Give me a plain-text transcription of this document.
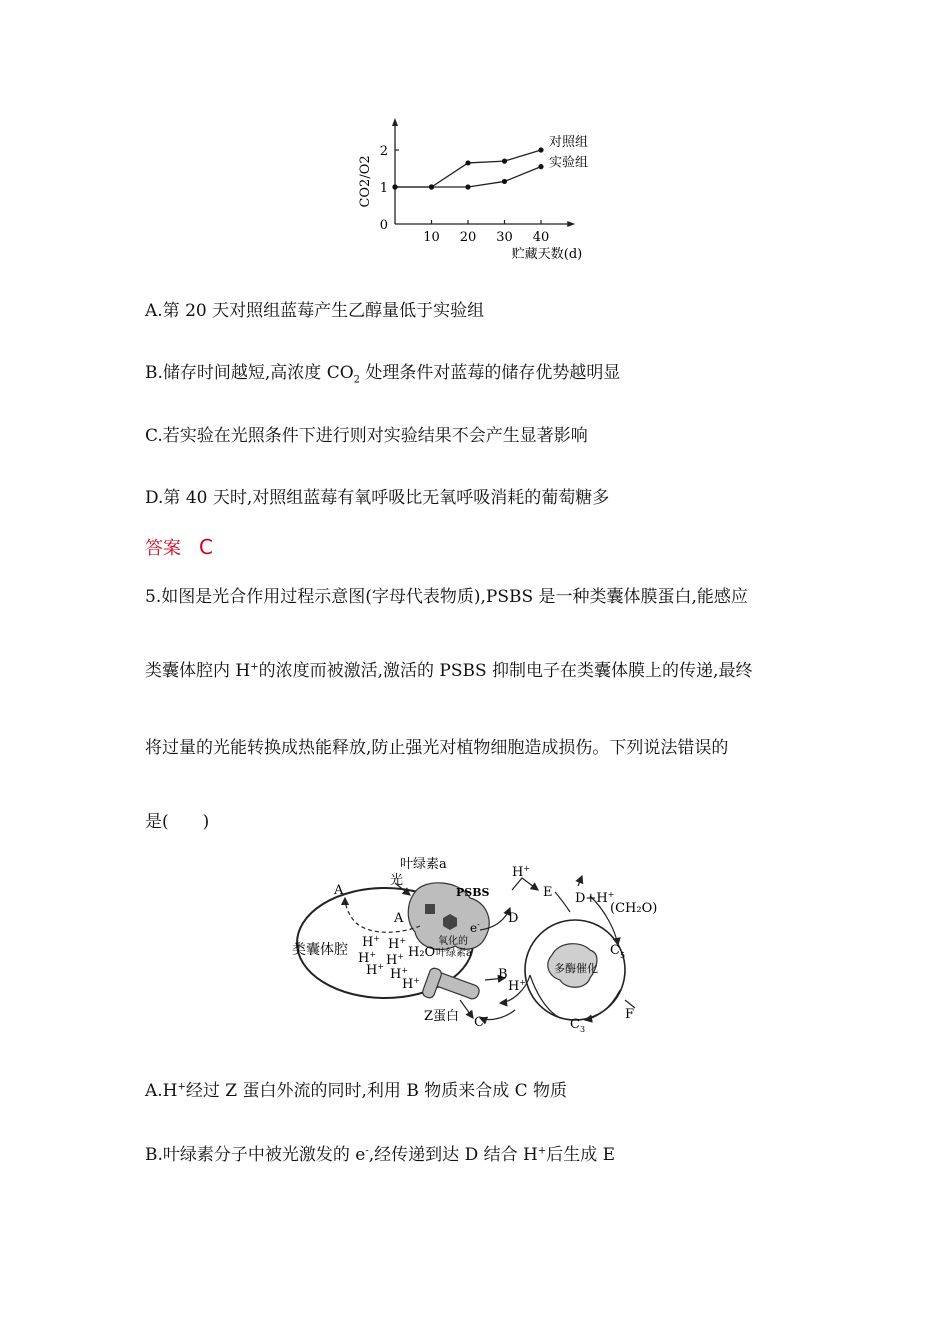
0
1
2
10 20 30 40
贮藏天数(d)
CO2/O2
对照组
实验组
A.第 20 天对照组蓝莓产生乙醇量低于实验组
B.储存时间越短,高浓度 $CO_2$ 处理条件对蓝莓的储存优势越明显
C.若实验在光照条件下进行则对实验结果不会产生显著影响
D.第 40 天时,对照组蓝莓有氧呼吸比无氧呼吸消耗的葡萄糖多
答案 C
5.如图是光合作用过程示意图(字母代表物质),PSBS 是一种类囊体膜蛋白,能感应
类囊体腔内 H+的浓度而被激活,激活的 PSBS 抑制电子在类囊体膜上的传递,最终
将过量的光能转换成热能释放,防止强光对植物细胞造成损伤。下列说法错误的
是(　　)
叶绿素a
光
A
A
PSBS
e-
氧化的
叶绿素a
类囊体腔	H₂O
H+ H+
H+ H+
H+
H+
H+
H+
D
E D+H+
(CH₂O)
$C_5$
F
$C_3$
B
H+
C
多酶催化
Z蛋白
A.H+经过 Z 蛋白外流的同时,利用 B 物质来合成 C 物质
B.叶绿素分子中被光激发的 e-,经传递到达 D 结合 H+后生成 E
